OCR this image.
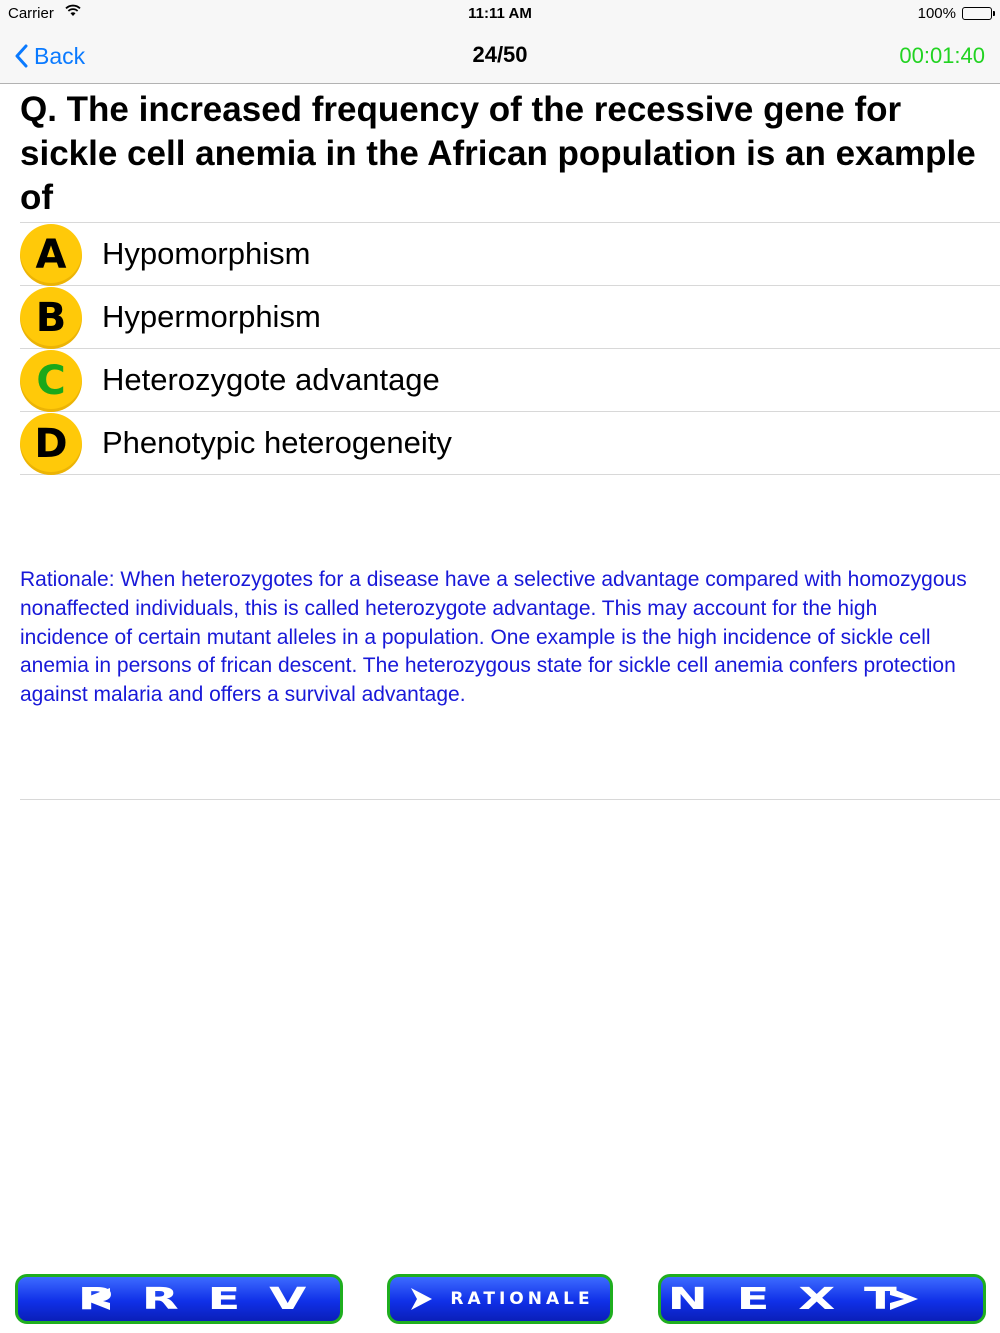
Carrier	11:11 AM	100%
Back	24/50	00:01:40
Q. The increased frequency of the recessive gene for sickle cell anemia in the African population is an example of
A	Hypomorphism
B	Hypermorphism
C	Heterozygote advantage
D	Phenotypic heterogeneity
Rationale: When heterozygotes for a disease have a selective advantage compared with homozygous nonaffected individuals, this is called heterozygote advantage. This may account for the high incidence of certain mutant alleles in a population. One example is the high incidence of sickle cell anemia in persons of frican descent. The heterozygous state for sickle cell anemia confers protection against malaria and offers a survival advantage.
PREV	RATIONALE NEXT
